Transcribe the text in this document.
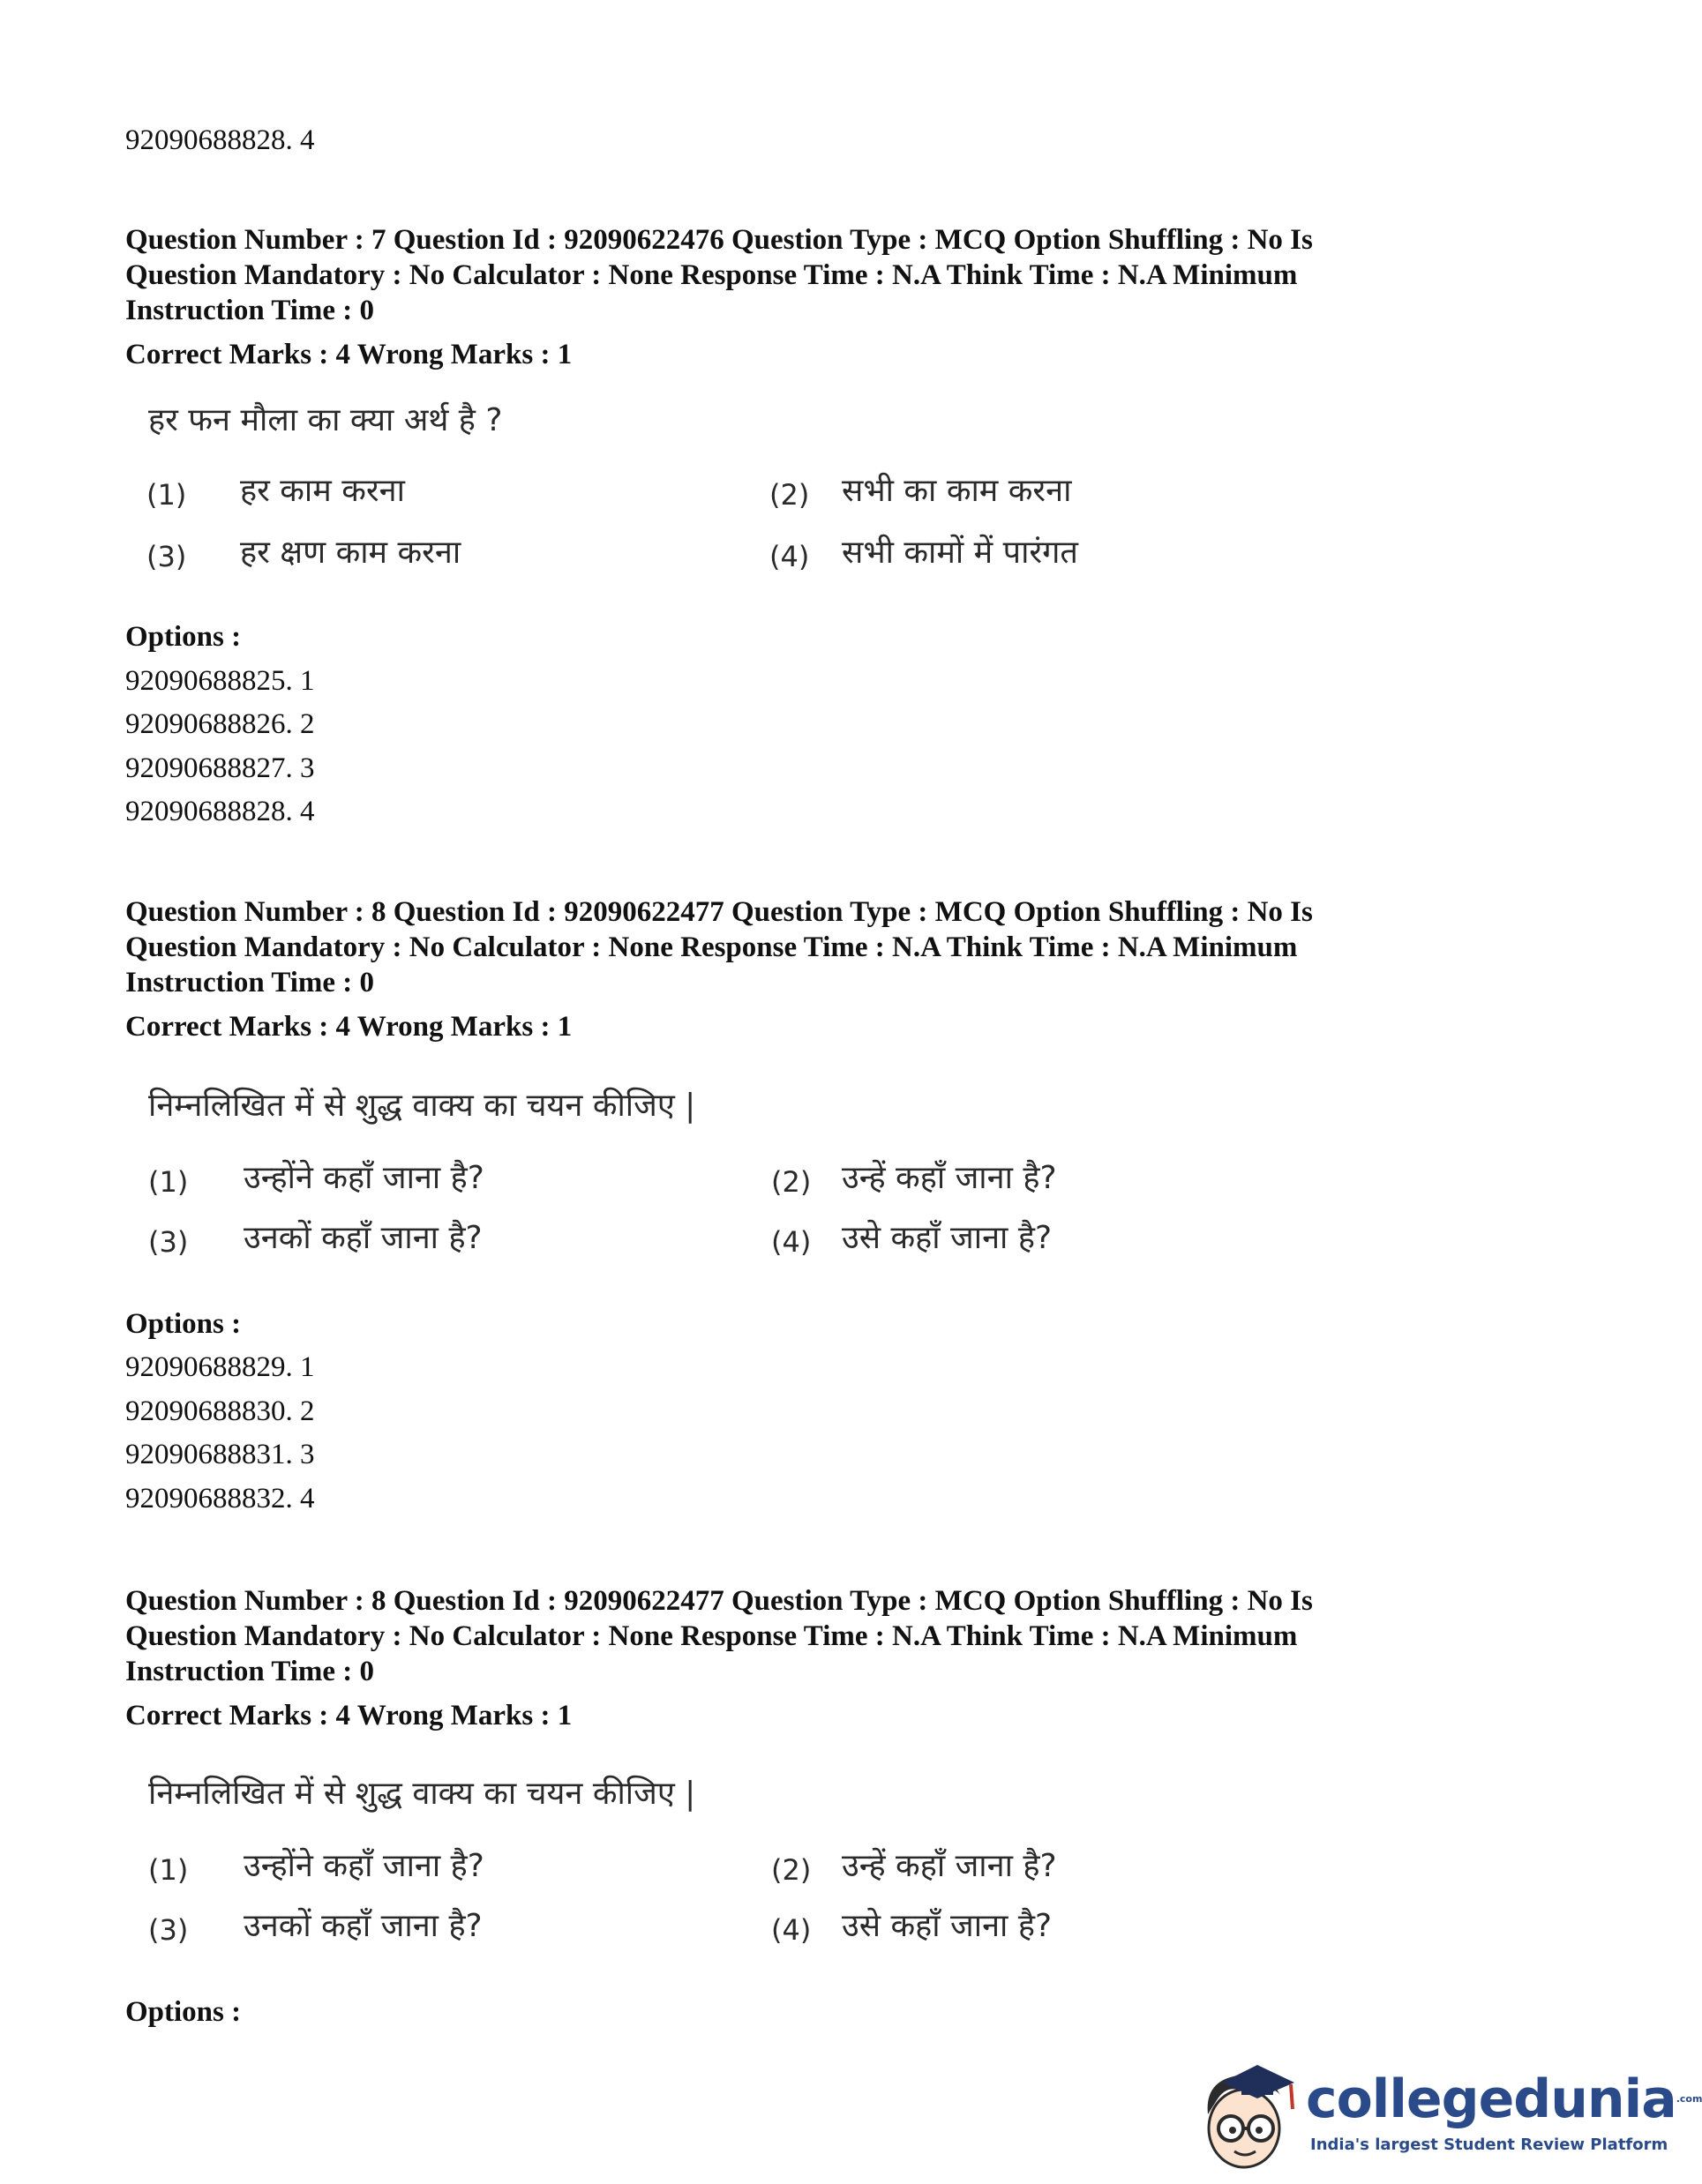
92090688828. 4
Question Number : 7 Question Id : 92090622476 Question Type : MCQ Option Shuffling : No Is
Question Mandatory : No Calculator : None Response Time : N.A Think Time : N.A Minimum
Instruction Time : 0
Correct Marks : 4 Wrong Marks : 1
हर फन मौला का क्या अर्थ है ?
(1) हर काम करना	(2) सभी का काम करना
(3) हर क्षण काम करना	(4) सभी कामों में पारंगत
Options :
92090688825. 1
92090688826. 2
92090688827. 3
92090688828. 4
Question Number : 8 Question Id : 92090622477 Question Type : MCQ Option Shuffling : No Is
Question Mandatory : No Calculator : None Response Time : N.A Think Time : N.A Minimum
Instruction Time : 0
Correct Marks : 4 Wrong Marks : 1
निम्नलिखित में से शुद्ध वाक्य का चयन कीजिए |
(1) उन्होंने कहाँ जाना है?	(2) उन्हें कहाँ जाना है?
(3) उनकों कहाँ जाना है?	(4) उसे कहाँ जाना है?
Options :
92090688829. 1
92090688830. 2
92090688831. 3
92090688832. 4
Question Number : 8 Question Id : 92090622477 Question Type : MCQ Option Shuffling : No Is
Question Mandatory : No Calculator : None Response Time : N.A Think Time : N.A Minimum
Instruction Time : 0
Correct Marks : 4 Wrong Marks : 1
निम्नलिखित में से शुद्ध वाक्य का चयन कीजिए |
(1) उन्होंने कहाँ जाना है?	(2) उन्हें कहाँ जाना है?
(3) उनकों कहाँ जाना है?	(4) उसे कहाँ जाना है?
Options :
collegedunia$^{.com}$
India's largest Student Review Platform
